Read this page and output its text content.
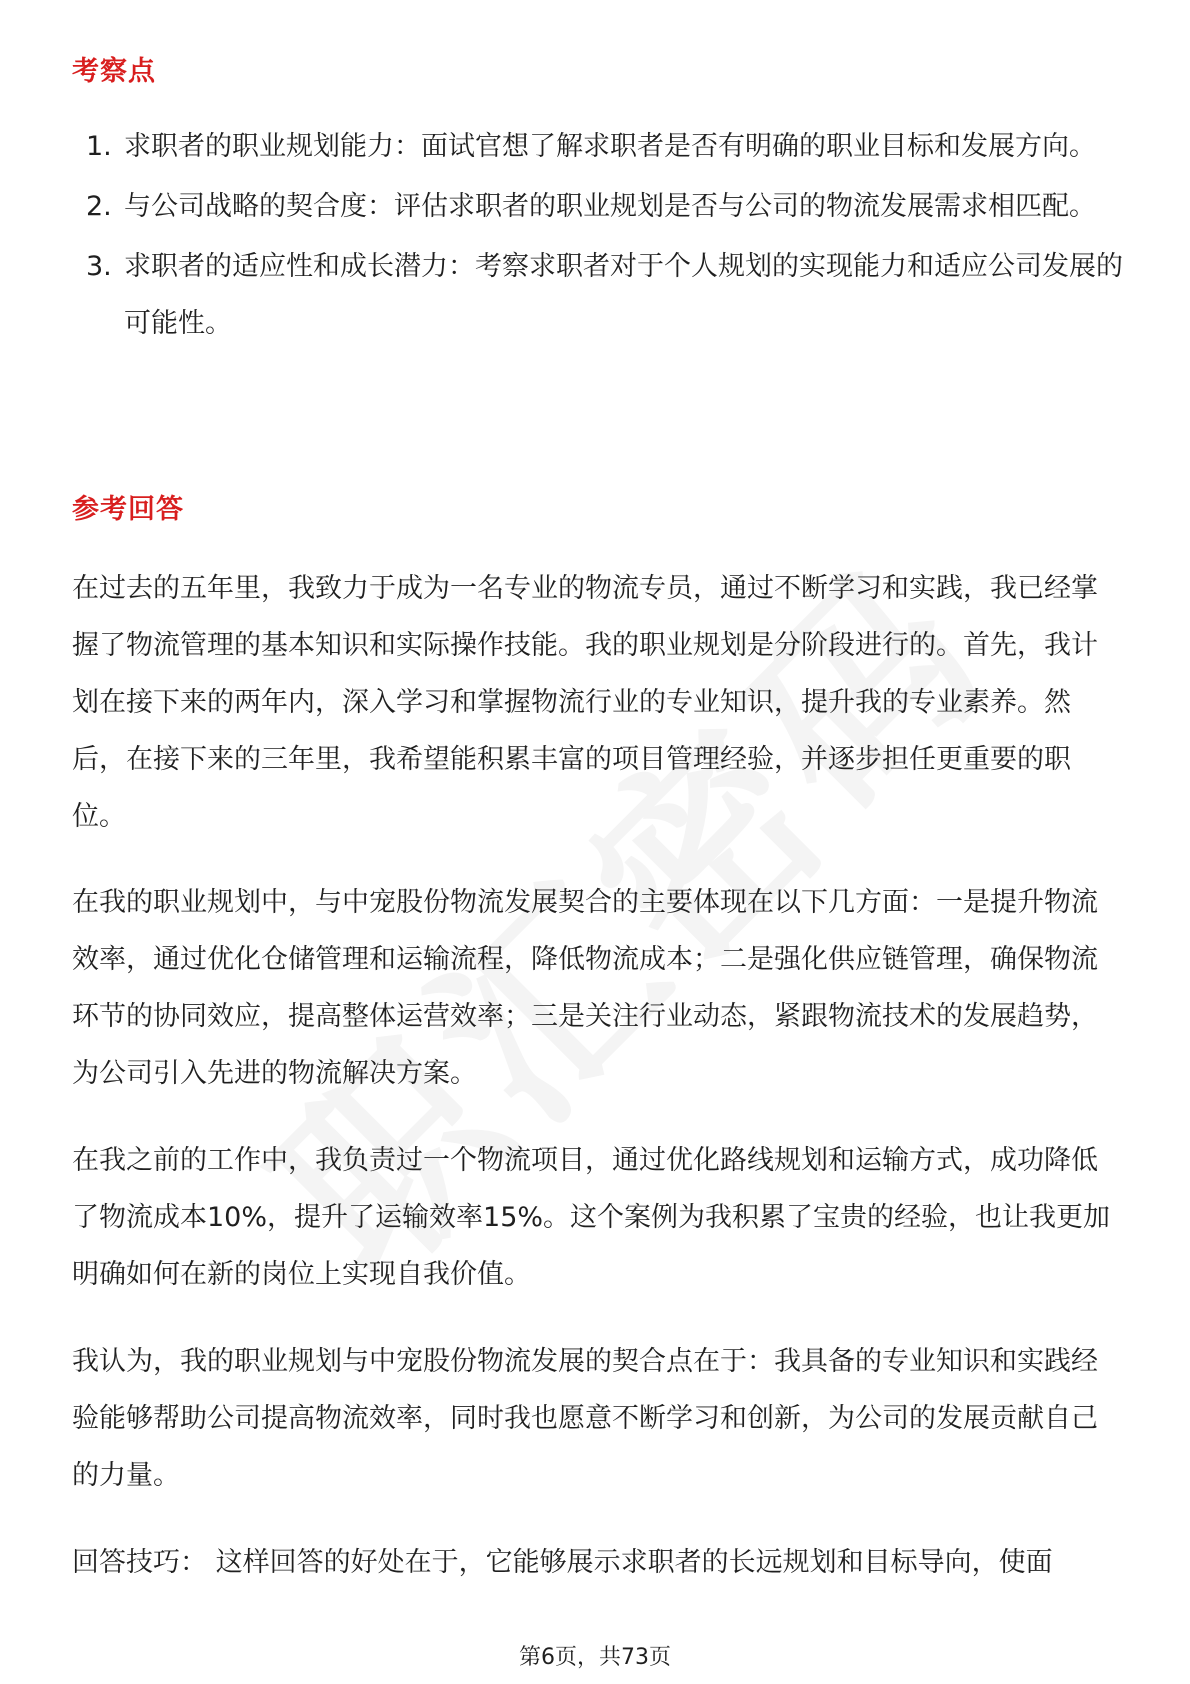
考察点
1. 求职者的职业规划能力：面试官想了解求职者是否有明确的职业目标和发展方向。
2. 与公司战略的契合度：评估求职者的职业规划是否与公司的物流发展需求相匹配。
3. 求职者的适应性和成长潜力：考察求职者对于个人规划的实现能力和适应公司发展的可能性。
参考回答

在过去的五年里，我致力于成为一名专业的物流专员，通过不断学习和实践，我已经掌握了物流管理的基本知识和实际操作技能。我的职业规划是分阶段进行的。首先，我计划在接下来的两年内，深入学习和掌握物流行业的专业知识，提升我的专业素养。然后，在接下来的三年里，我希望能积累丰富的项目管理经验，并逐步担任更重要的职位。

在我的职业规划中，与中宠股份物流发展契合的主要体现在以下几方面：一是提升物流效率，通过优化仓储管理和运输流程，降低物流成本；二是强化供应链管理，确保物流环节的协同效应，提高整体运营效率；三是关注行业动态，紧跟物流技术的发展趋势，为公司引入先进的物流解决方案。

在我之前的工作中，我负责过一个物流项目，通过优化路线规划和运输方式，成功降低了物流成本10%，提升了运输效率15%。这个案例为我积累了宝贵的经验，也让我更加明确如何在新的岗位上实现自我价值。

我认为，我的职业规划与中宠股份物流发展的契合点在于：我具备的专业知识和实践经验能够帮助公司提高物流效率，同时我也愿意不断学习和创新，为公司的发展贡献自己的力量。

回答技巧： 这样回答的好处在于，它能够展示求职者的长远规划和目标导向，使面

第6页，共73页
